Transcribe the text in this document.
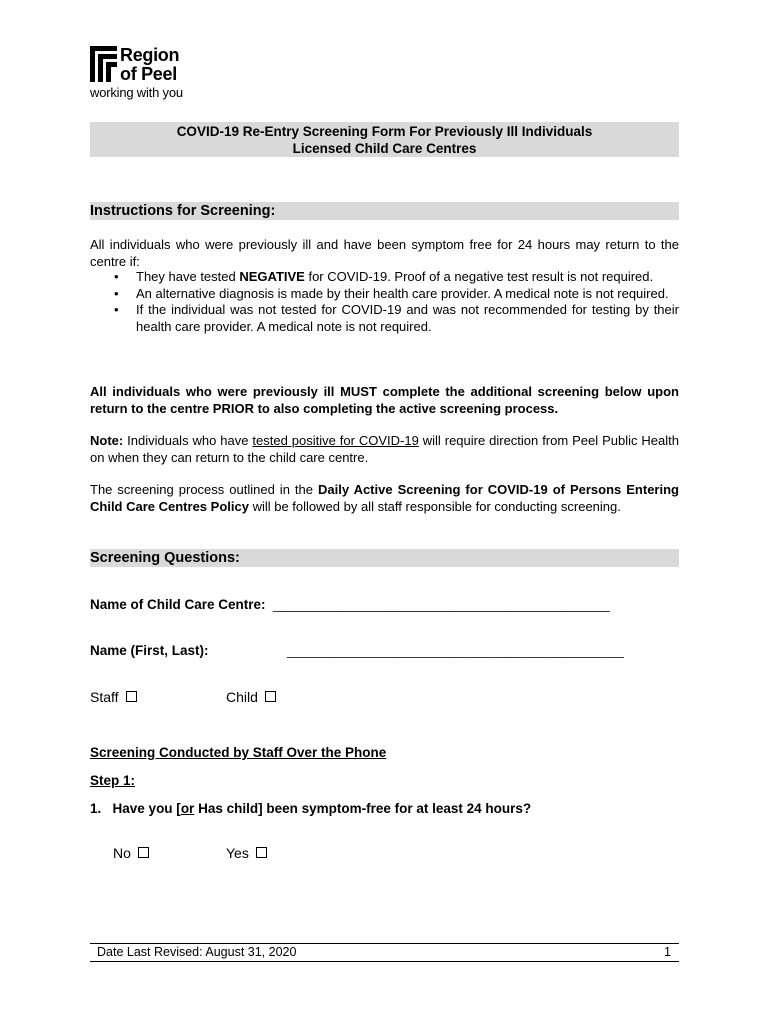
Region
of Peel
working with you
COVID-19 Re-Entry Screening Form For Previously Ill Individuals
Licensed Child Care Centres
Instructions for Screening:
All individuals who were previously ill and have been symptom free for 24 hours may return to the centre if:
• They have tested NEGATIVE for COVID-19. Proof of a negative test result is not required.
• An alternative diagnosis is made by their health care provider. A medical note is not required.
• If the individual was not tested for COVID-19 and was not recommended for testing by their health care provider. A medical note is not required.
All individuals who were previously ill MUST complete the additional screening below upon return to the centre PRIOR to also completing the active screening process.
Note: Individuals who have tested positive for COVID-19 will require direction from Peel Public Health on when they can return to the child care centre.
The screening process outlined in the Daily Active Screening for COVID-19 of Persons Entering Child Care Centres Policy will be followed by all staff responsible for conducting screening.
Screening Questions:
Name of Child Care Centre: ________________________________________________
Name (First, Last):	________________________________________________
Staff	Child
Screening Conducted by Staff Over the Phone
Step 1:
1. Have you [or Has child] been symptom-free for at least 24 hours?
No	Yes
Date Last Revised: August 31, 2020	1
